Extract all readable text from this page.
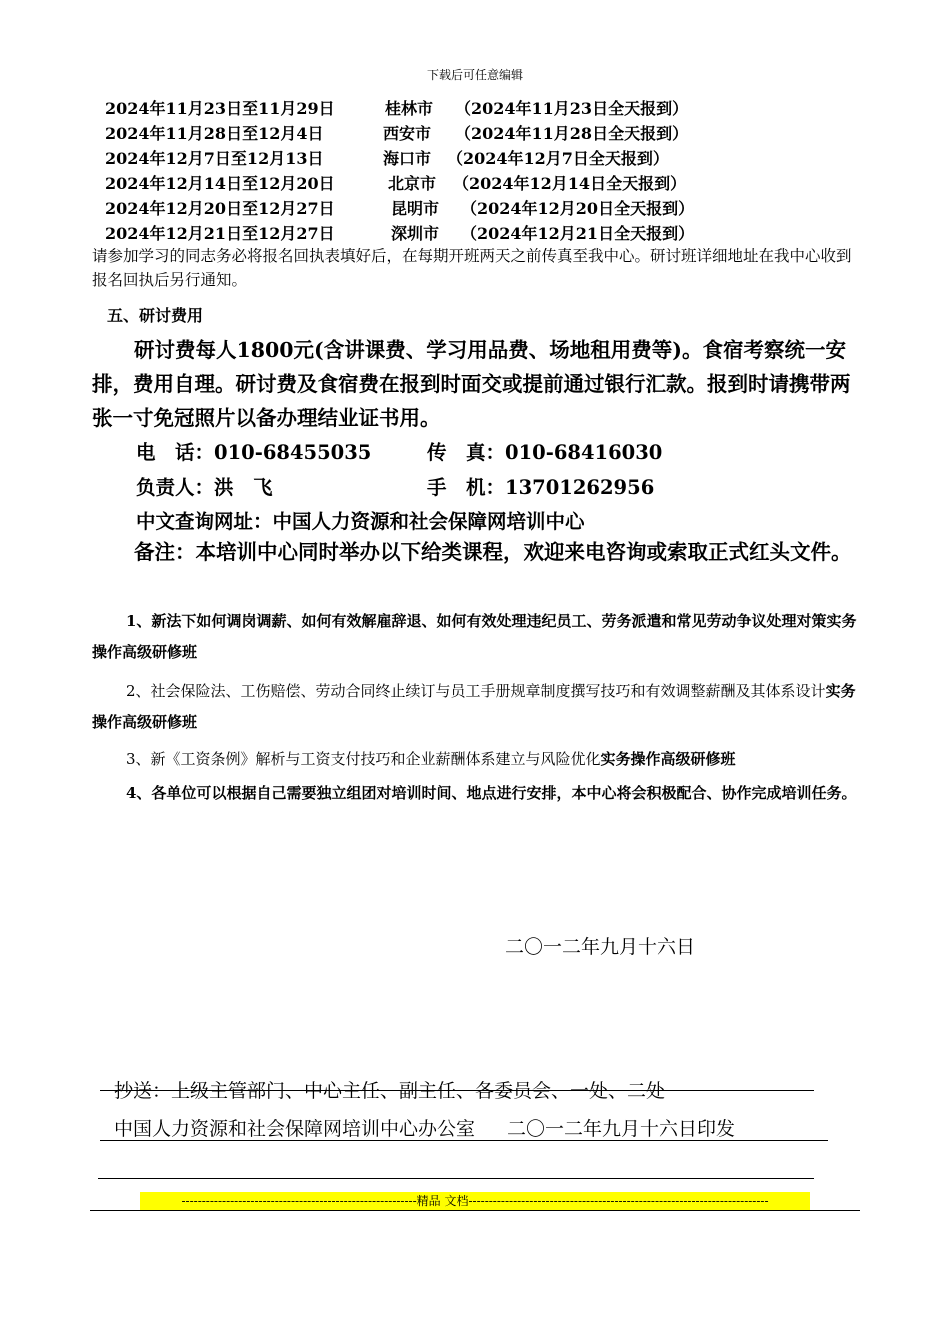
下载后可任意编辑
2024年11月23日至11月29日	桂林市 （2024年11月23日全天报到）
2024年11月28日至12月4日	西安市 （2024年11月28日全天报到）
2024年12月7日至12月13日	海口市 （2024年12月7日全天报到）
2024年12月14日至12月20日	北京市 （2024年12月14日全天报到）
2024年12月20日至12月27日	昆明市 （2024年12月20日全天报到）
2024年12月21日至12月27日	深圳市 （2024年12月21日全天报到）
请参加学习的同志务必将报名回执表填好后，在每期开班两天之前传真至我中心。研讨班详细地址在我中心收到报名回执后另行通知。
五、研讨费用
研讨费每人1800元(含讲课费、学习用品费、场地租用费等)。食宿考察统一安排，费用自理。研讨费及食宿费在报到时面交或提前通过银行汇款。报到时请携带两张一寸免冠照片以备办理结业证书用。
电　话：010-68455035	传　真：010-68416030
负责人：洪　飞	手　机：13701262956
中文查询网址：中国人力资源和社会保障网培训中心
备注：本培训中心同时举办以下给类课程，欢迎来电咨询或索取正式红头文件。
1、新法下如何调岗调薪、如何有效解雇辞退、如何有效处理违纪员工、劳务派遣和常见劳动争议处理对策实务操作高级研修班
2、社会保险法、工伤赔偿、劳动合同终止续订与员工手册规章制度撰写技巧和有效调整薪酬及其体系设计实务操作高级研修班
3、新《工资条例》解析与工资支付技巧和企业薪酬体系建立与风险优化实务操作高级研修班
4、各单位可以根据自己需要独立组团对培训时间、地点进行安排，本中心将会积极配合、协作完成培训任务。
二〇一二年九月十六日
抄送：上级主管部门、中心主任、副主任、各委员会、一处、二处
中国人力资源和社会保障网培训中心办公室 二〇一二年九月十六日印发
----------------------------------------------------------精品 文档--------------------------------------------------------------------------
